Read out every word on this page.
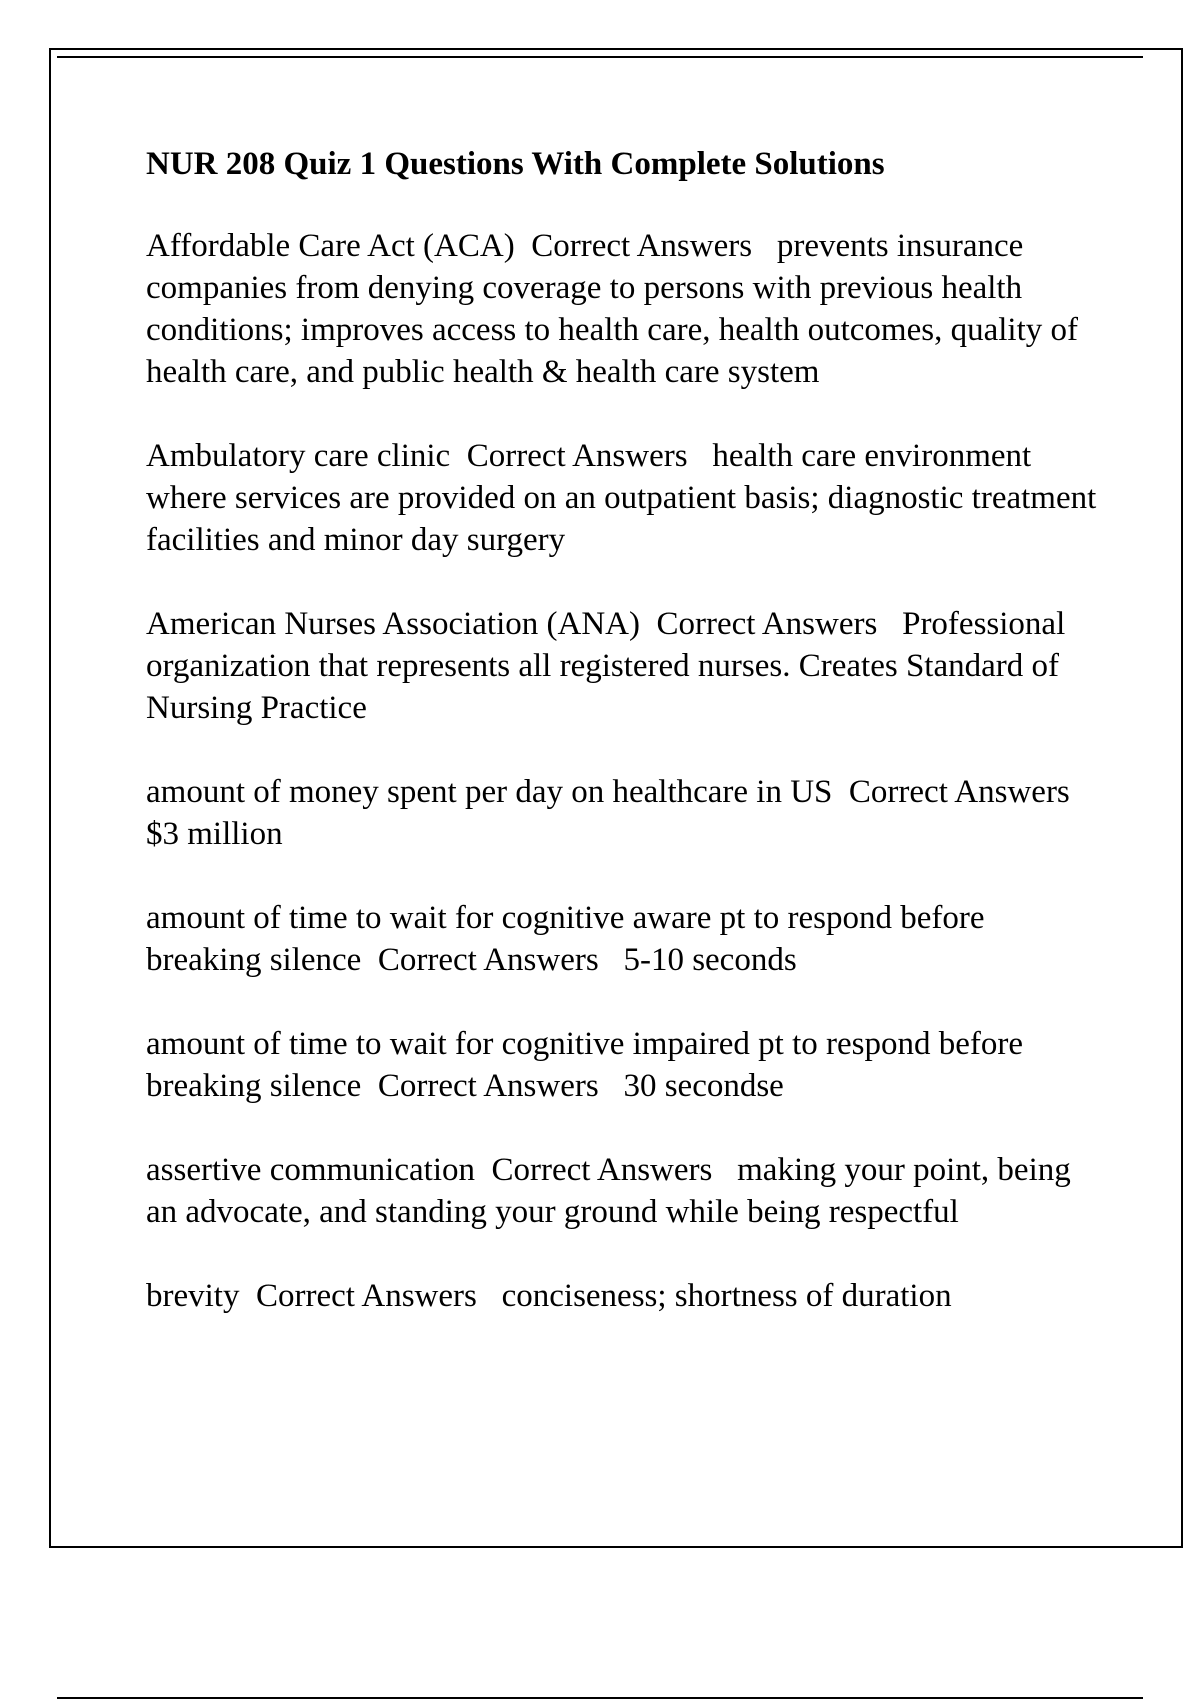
NUR 208 Quiz 1 Questions With Complete Solutions
Affordable Care Act (ACA) Correct Answers prevents insurance companies from denying coverage to persons with previous health conditions; improves access to health care, health outcomes, quality of health care, and public health & health care system
Ambulatory care clinic Correct Answers health care environment where services are provided on an outpatient basis; diagnostic treatment facilities and minor day surgery
American Nurses Association (ANA) Correct Answers Professional organization that represents all registered nurses. Creates Standard of Nursing Practice
amount of money spent per day on healthcare in US Correct Answers   $3 million
amount of time to wait for cognitive aware pt to respond before breaking silence Correct Answers 5-10 seconds
amount of time to wait for cognitive impaired pt to respond before breaking silence Correct Answers 30 secondse
assertive communication Correct Answers making your point, being an advocate, and standing your ground while being respectful
brevity Correct Answers conciseness; shortness of duration
